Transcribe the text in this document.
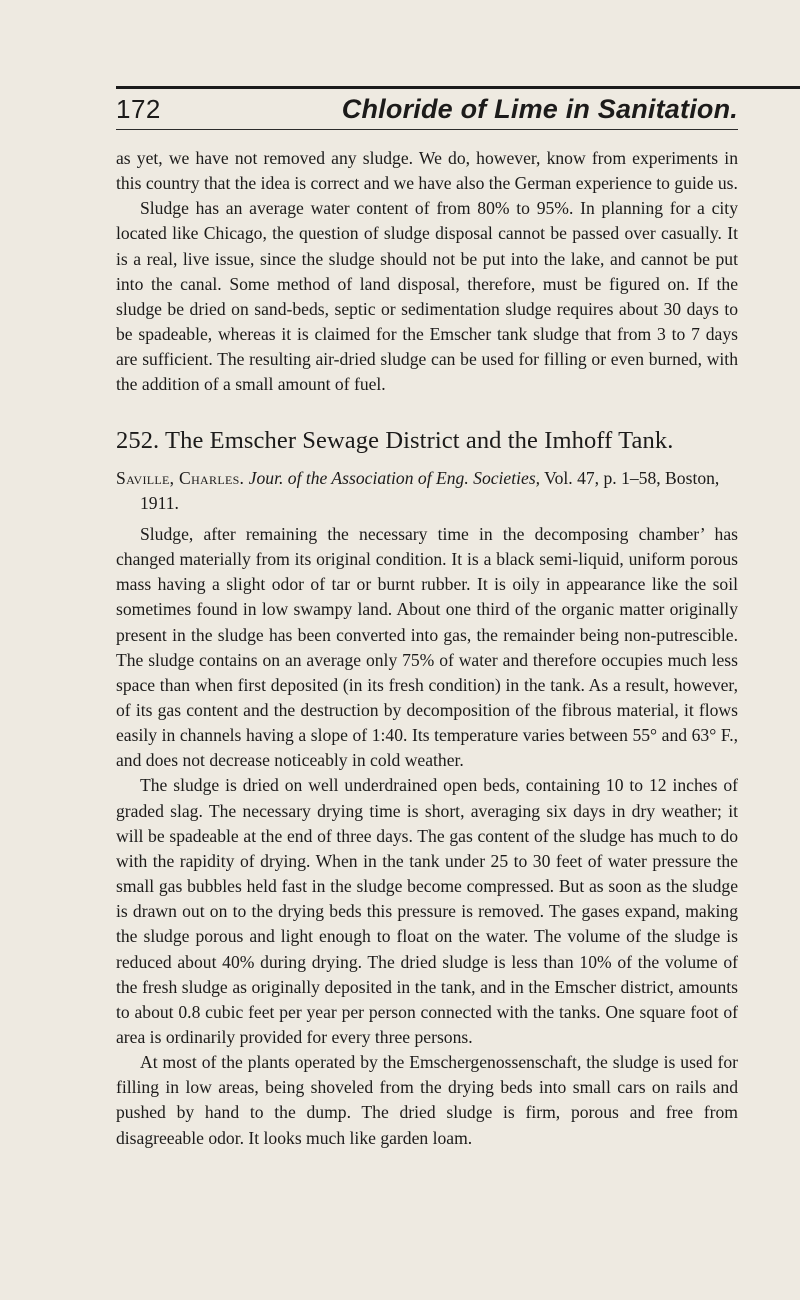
172	Chloride of Lime in Sanitation.

as yet, we have not removed any sludge. We do, however, know from experiments in this country that the idea is correct and we have also the German experience to guide us.

Sludge has an average water content of from 80% to 95%. In planning for a city located like Chicago, the question of sludge disposal cannot be passed over casually. It is a real, live issue, since the sludge should not be put into the lake, and cannot be put into the canal. Some method of land disposal, therefore, must be figured on. If the sludge be dried on sand-beds, septic or sedimentation sludge requires about 30 days to be spadeable, whereas it is claimed for the Emscher tank sludge that from 3 to 7 days are sufficient. The resulting air-dried sludge can be used for filling or even burned, with the addition of a small amount of fuel.

252. The Emscher Sewage District and the Imhoff Tank.

Saville, Charles. Jour. of the Association of Eng. Societies, Vol. 47, p. 1–58, Boston, 1911.

Sludge, after remaining the necessary time in the decomposing chamber’ has changed materially from its original condition. It is a black semi-liquid, uniform porous mass having a slight odor of tar or burnt rubber. It is oily in appearance like the soil sometimes found in low swampy land. About one third of the organic matter originally present in the sludge has been converted into gas, the remainder being non-putrescible. The sludge contains on an average only 75% of water and therefore occupies much less space than when first deposited (in its fresh condition) in the tank. As a result, however, of its gas content and the destruction by decomposition of the fibrous material, it flows easily in channels having a slope of 1:40. Its temperature varies between 55° and 63° F., and does not decrease noticeably in cold weather.

The sludge is dried on well underdrained open beds, containing 10 to 12 inches of graded slag. The necessary drying time is short, averaging six days in dry weather; it will be spadeable at the end of three days. The gas content of the sludge has much to do with the rapidity of drying. When in the tank under 25 to 30 feet of water pressure the small gas bubbles held fast in the sludge become compressed. But as soon as the sludge is drawn out on to the drying beds this pressure is removed. The gases expand, making the sludge porous and light enough to float on the water. The volume of the sludge is reduced about 40% during drying. The dried sludge is less than 10% of the volume of the fresh sludge as originally deposited in the tank, and in the Emscher district, amounts to about 0.8 cubic feet per year per person connected with the tanks. One square foot of area is ordinarily provided for every three persons.

At most of the plants operated by the Emschergenossenschaft, the sludge is used for filling in low areas, being shoveled from the drying beds into small cars on rails and pushed by hand to the dump. The dried sludge is firm, porous and free from disagreeable odor. It looks much like garden loam.
